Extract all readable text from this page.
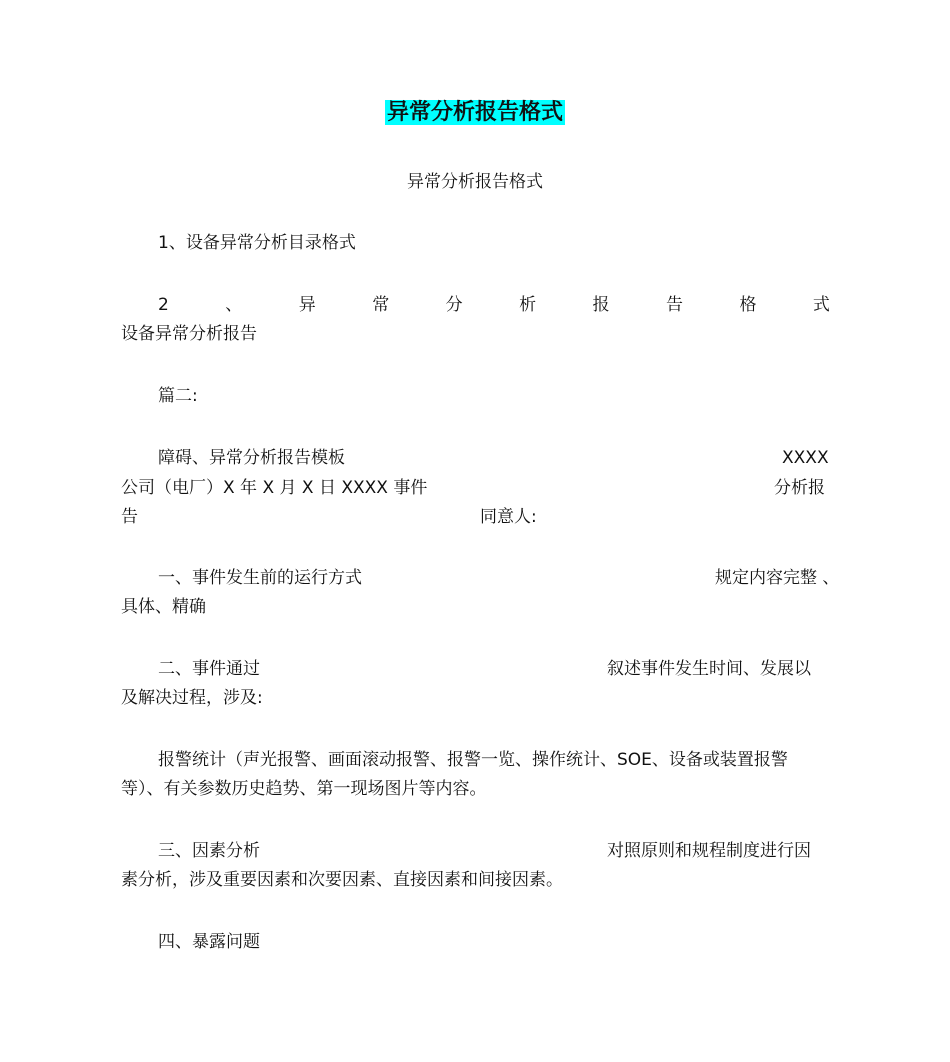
异常分析报告格式
异常分析报告格式
1、设备异常分析目录格式
2	、	异	常	分	析	报	告	格	式
设备异常分析报告
篇二:
障碍、异常分析报告模板	XXXX
公司（电厂）X 年 X 月 X 日 XXXX 事件	分析报
告	同意人:
一、事件发生前的运行方式	规定内容完整 、
具体、精确
二、事件通过	叙述事件发生时间、发展以
及解决过程，涉及:
报警统计（声光报警、画面滚动报警、报警一览、操作统计、SOE、设备或装置报警
等）、有关参数历史趋势、第一现场图片等内容。
三、因素分析	对照原则和规程制度进行因
素分析，涉及重要因素和次要因素、直接因素和间接因素。
四、暴露问题
